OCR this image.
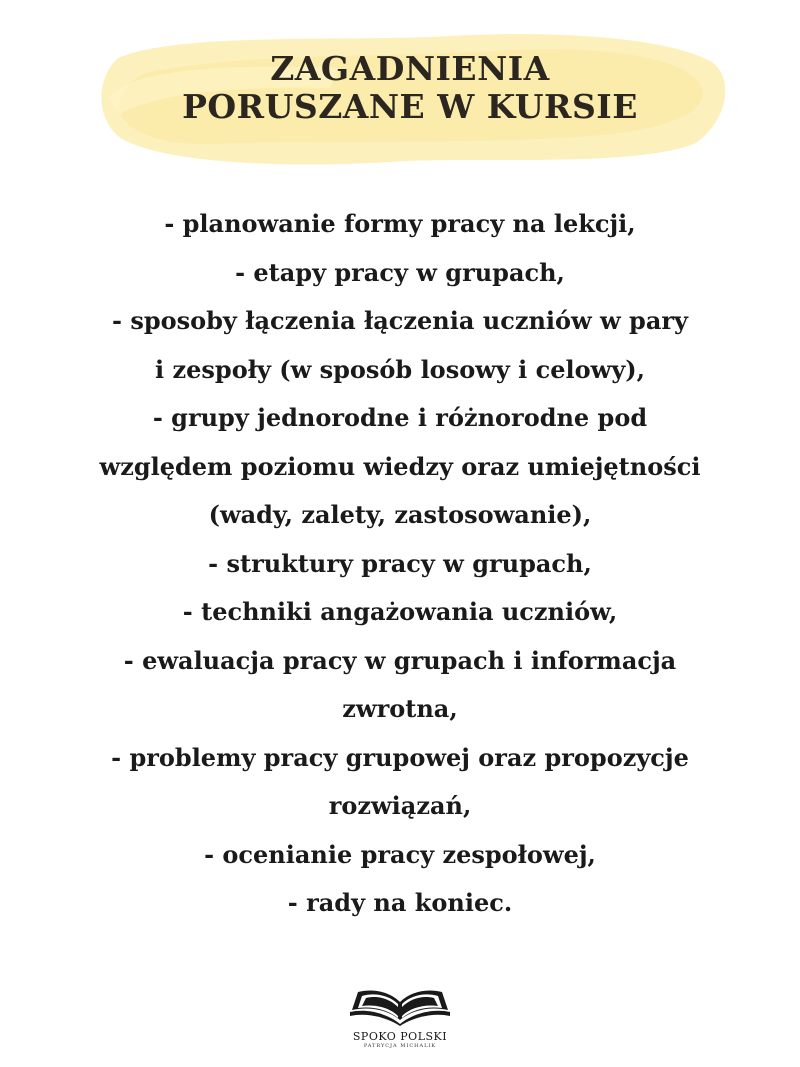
ZAGADNIENIA
PORUSZANE W KURSIE
- planowanie formy pracy na lekcji,
- etapy pracy w grupach,
- sposoby łączenia łączenia uczniów w pary
i zespoły (w sposób losowy i celowy),
- grupy jednorodne i różnorodne pod
względem poziomu wiedzy oraz umiejętności
(wady, zalety, zastosowanie),
- struktury pracy w grupach,
- techniki angażowania uczniów,
- ewaluacja pracy w grupach i informacja
zwrotna,
- problemy pracy grupowej oraz propozycje
rozwiązań,
- ocenianie pracy zespołowej,
- rady na koniec.
SPOKO POLSKI
PATRYCJA MICHALIK
